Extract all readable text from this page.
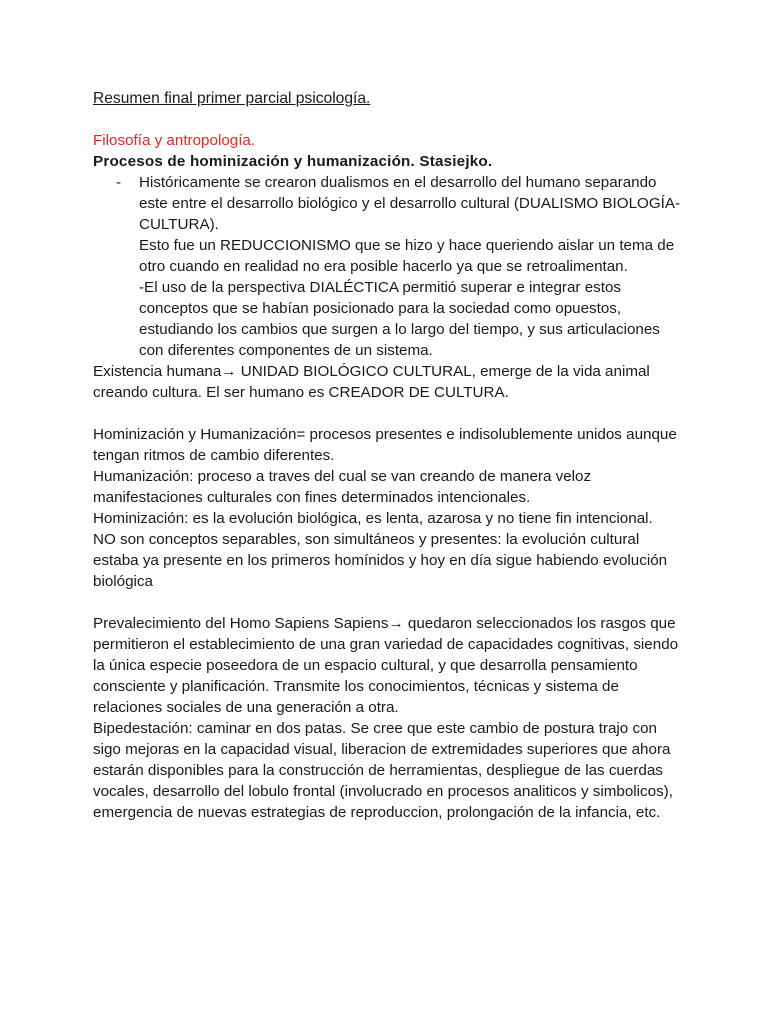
Resumen final primer parcial psicología.

Filosofía y antropología.

Procesos de hominización y humanización. Stasiejko.

- Históricamente se crearon dualismos en el desarrollo del humano separando este entre el desarrollo biológico y el desarrollo cultural (DUALISMO BIOLOGÍA-CULTURA).

Esto fue un REDUCCIONISMO que se hizo y hace queriendo aislar un tema de otro cuando en realidad no era posible hacerlo ya que se retroalimentan.

-El uso de la perspectiva DIALÉCTICA permitió superar e integrar estos conceptos que se habían posicionado para la sociedad como opuestos, estudiando los cambios que surgen a lo largo del tiempo, y sus articulaciones con diferentes componentes de un sistema.

Existencia humana→ UNIDAD BIOLÓGICO CULTURAL, emerge de la vida animal creando cultura. El ser humano es CREADOR DE CULTURA.

Hominización y Humanización= procesos presentes e indisolublemente unidos aunque tengan ritmos de cambio diferentes.

Humanización: proceso a traves del cual se van creando de manera veloz manifestaciones culturales con fines determinados intencionales.

Hominización: es la evolución biológica, es lenta, azarosa y no tiene fin intencional.

NO son conceptos separables, son simultáneos y presentes: la evolución cultural estaba ya presente en los primeros homínidos y hoy en día sigue habiendo evolución biológica

Prevalecimiento del Homo Sapiens Sapiens→ quedaron seleccionados los rasgos que permitieron el establecimiento de una gran variedad de capacidades cognitivas, siendo la única especie poseedora de un espacio cultural, y que desarrolla pensamiento consciente y planificación. Transmite los conocimientos, técnicas y sistema de relaciones sociales de una generación a otra.

Bipedestación: caminar en dos patas. Se cree que este cambio de postura trajo con sigo mejoras en la capacidad visual, liberacion de extremidades superiores que ahora estarán disponibles para la construcción de herramientas, despliegue de las cuerdas vocales, desarrollo del lobulo frontal (involucrado en procesos analiticos y simbolicos), emergencia de nuevas estrategias de reproduccion, prolongación de la infancia, etc.
